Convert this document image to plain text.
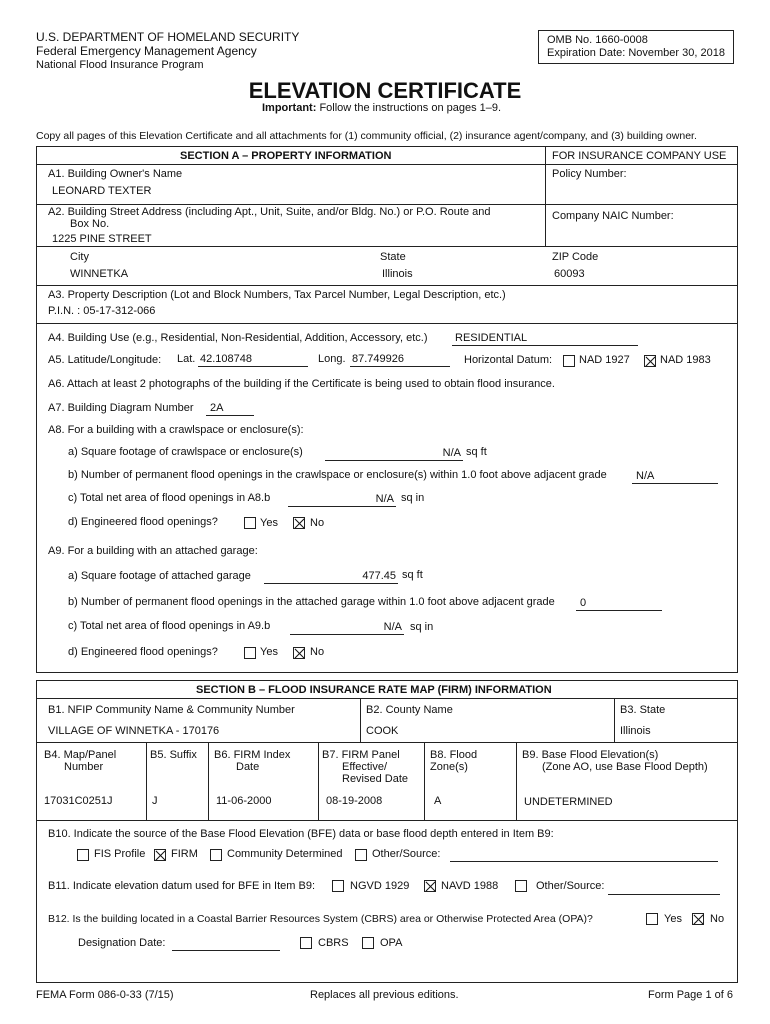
U.S. DEPARTMENT OF HOMELAND SECURITY
Federal Emergency Management Agency
National Flood Insurance Program
OMB No. 1660-0008
Expiration Date: November 30, 2018
ELEVATION CERTIFICATE
Important: Follow the instructions on pages 1–9.
Copy all pages of this Elevation Certificate and all attachments for (1) community official, (2) insurance agent/company, and (3) building owner.
SECTION A – PROPERTY INFORMATION	FOR INSURANCE COMPANY USE
A1. Building Owner's Name
LEONARD TEXTER
Policy Number:
A2. Building Street Address (including Apt., Unit, Suite, and/or Bldg. No.) or P.O. Route and
Box No.
1225 PINE STREET
Company NAIC Number:
City
WINNETKA
State
Illinois
ZIP Code
60093
A3. Property Description (Lot and Block Numbers, Tax Parcel Number, Legal Description, etc.)
P.I.N. : 05-17-312-066
A4. Building Use (e.g., Residential, Non-Residential, Addition, Accessory, etc.)	RESIDENTIAL
A5. Latitude/Longitude: Lat. 42.108748	Long. 87.749926	Horizontal Datum: NAD 1927	NAD 1983
A6. Attach at least 2 photographs of the building if the Certificate is being used to obtain flood insurance.
A7. Building Diagram Number 2A
A8. For a building with a crawlspace or enclosure(s):
a) Square footage of crawlspace or enclosure(s)	N/A sq ft
b) Number of permanent flood openings in the crawlspace or enclosure(s) within 1.0 foot above adjacent grade	N/A
c) Total net area of flood openings in A8.b	N/A sq in
d) Engineered flood openings?	Yes	No
A9. For a building with an attached garage:
a) Square footage of attached garage	477.45 sq ft
b) Number of permanent flood openings in the attached garage within 1.0 foot above adjacent grade 0
c) Total net area of flood openings in A9.b	N/A sq in
d) Engineered flood openings?	Yes	No
SECTION B – FLOOD INSURANCE RATE MAP (FIRM) INFORMATION
B1. NFIP Community Name & Community Number
VILLAGE OF WINNETKA - 170176
B2. County Name
COOK
B3. State
Illinois
B4. Map/Panel
Number
17031C0251J
B5. Suffix
J
B6. FIRM Index
Date
11-06-2000
B7. FIRM Panel
Effective/
Revised Date
08-19-2008
B8. Flood
Zone(s)
A
B9. Base Flood Elevation(s)
(Zone AO, use Base Flood Depth)
UNDETERMINED
B10. Indicate the source of the Base Flood Elevation (BFE) data or base flood depth entered in Item B9:
FIS Profile FIRM	Community Determined	Other/Source:
B11. Indicate elevation datum used for BFE in Item B9:	NGVD 1929	NAVD 1988	Other/Source:
B12. Is the building located in a Coastal Barrier Resources System (CBRS) area or Otherwise Protected Area (OPA)?	Yes	No
Designation Date:	CBRS	OPA
FEMA Form 086-0-33 (7/15)	Replaces all previous editions.	Form Page 1 of 6
